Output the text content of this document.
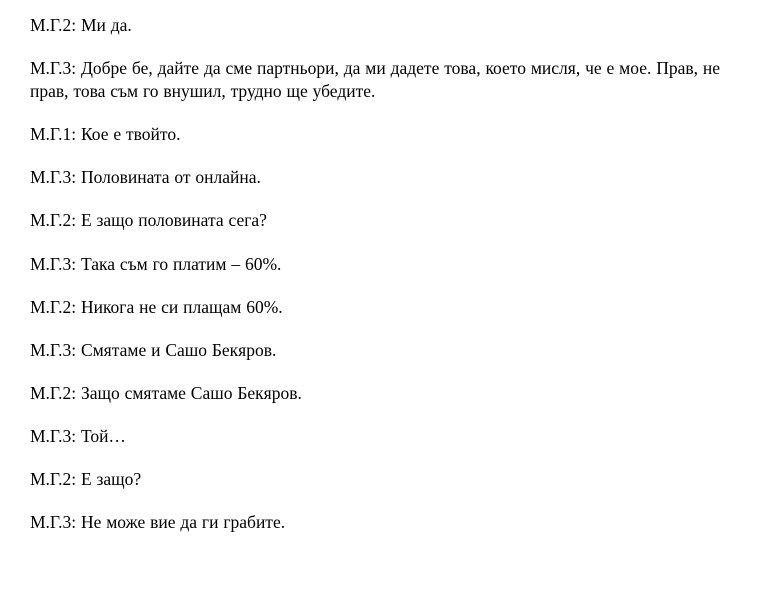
М.Г.2: Ми да.

М.Г.3: Добре бе, дайте да сме партньори, да ми дадете това, което мисля, че е мое. Прав, не прав, това съм го внушил, трудно ще убедите.

М.Г.1: Кое е твойто.

М.Г.3: Половината от онлайна.

М.Г.2: Е защо половината сега?

М.Г.3: Така съм го платим – 60%.

М.Г.2: Никога не си плащам 60%.

М.Г.3: Смятаме и Сашо Бекяров.

М.Г.2: Защо смятаме Сашо Бекяров.

М.Г.3: Той…

М.Г.2: Е защо?

М.Г.3: Не може вие да ги грабите.
